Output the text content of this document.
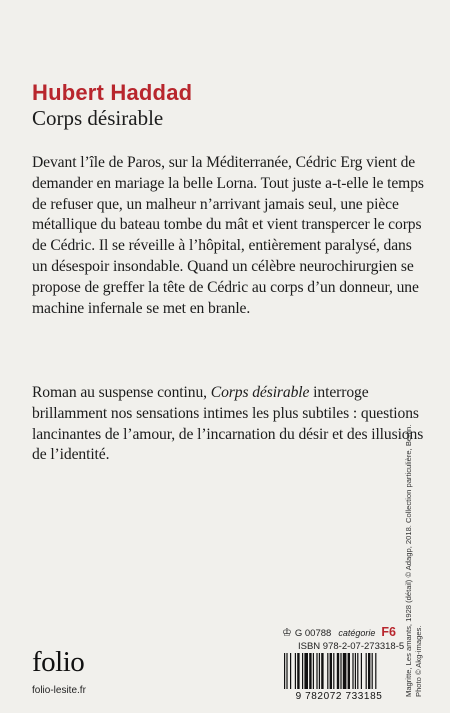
Hubert Haddad
Corps désirable

Devant l’île de Paros, sur la Méditerranée, Cédric Erg vient de demander en mariage la belle Lorna. Tout juste a-t-elle le temps de refuser que, un malheur n’arrivant jamais seul, une pièce métallique du bateau tombe du mât et vient transpercer le corps de Cédric. Il se réveille à l’hôpital, entièrement paralysé, dans un désespoir insondable. Quand un célèbre neurochirurgien se propose de greffer la tête de Cédric au corps d’un donneur, une machine infernale se met en branle.

Roman au suspense continu, Corps désirable interroge brillamment nos sensations intimes les plus subtiles : questions lancinantes de l’amour, de l’incarnation du désir et des illusions de l’identité.	Magritte, Les amants, 1928 (détail) © Adagp, 2018. Collection particulière, Berlin. Photo © Akg-images.
♔ G 00788 catégorie F6
ISBN 978-2-07-273318-5
9 782072 733185
folio
folio-lesite.fr
